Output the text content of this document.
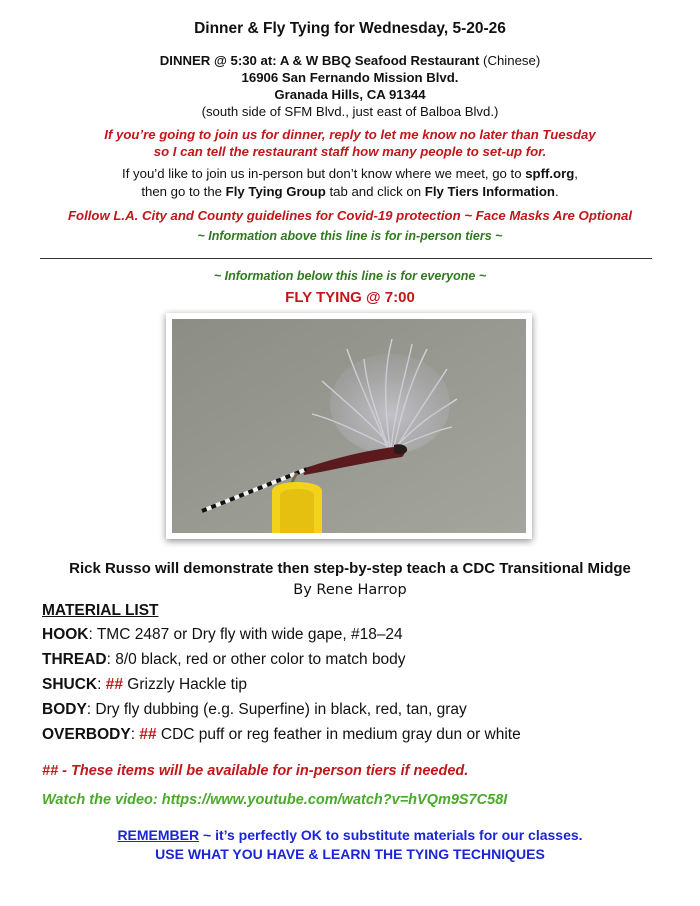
Dinner & Fly Tying for Wednesday, 5-20-26
DINNER @ 5:30 at: A & W BBQ Seafood Restaurant (Chinese)
16906 San Fernando Mission Blvd.
Granada Hills, CA 91344
(south side of SFM Blvd., just east of Balboa Blvd.)
If you’re going to join us for dinner, reply to let me know no later than Tuesday
so I can tell the restaurant staff how many people to set-up for.
If you’d like to join us in-person but don’t know where we meet, go to spff.org,
then go to the Fly Tying Group tab and click on Fly Tiers Information.
Follow L.A. City and County guidelines for Covid-19 protection ~ Face Masks Are Optional
~ Information above this line is for in-person tiers ~
~ Information below this line is for everyone ~
FLY TYING @ 7:00
Rick Russo will demonstrate then step-by-step teach a CDC Transitional Midge
By Rene Harrop
MATERIAL LIST
HOOK: TMC 2487 or Dry fly with wide gape, #18–24
THREAD: 8/0 black, red or other color to match body
SHUCK: ## Grizzly Hackle tip
BODY: Dry fly dubbing (e.g. Superfine) in black, red, tan, gray
OVERBODY: ## CDC puff or reg feather in medium gray dun or white
## - These items will be available for in-person tiers if needed.
Watch the video: https://www.youtube.com/watch?v=hVQm9S7C58I
REMEMBER ~ it’s perfectly OK to substitute materials for our classes.
USE WHAT YOU HAVE & LEARN THE TYING TECHNIQUES
